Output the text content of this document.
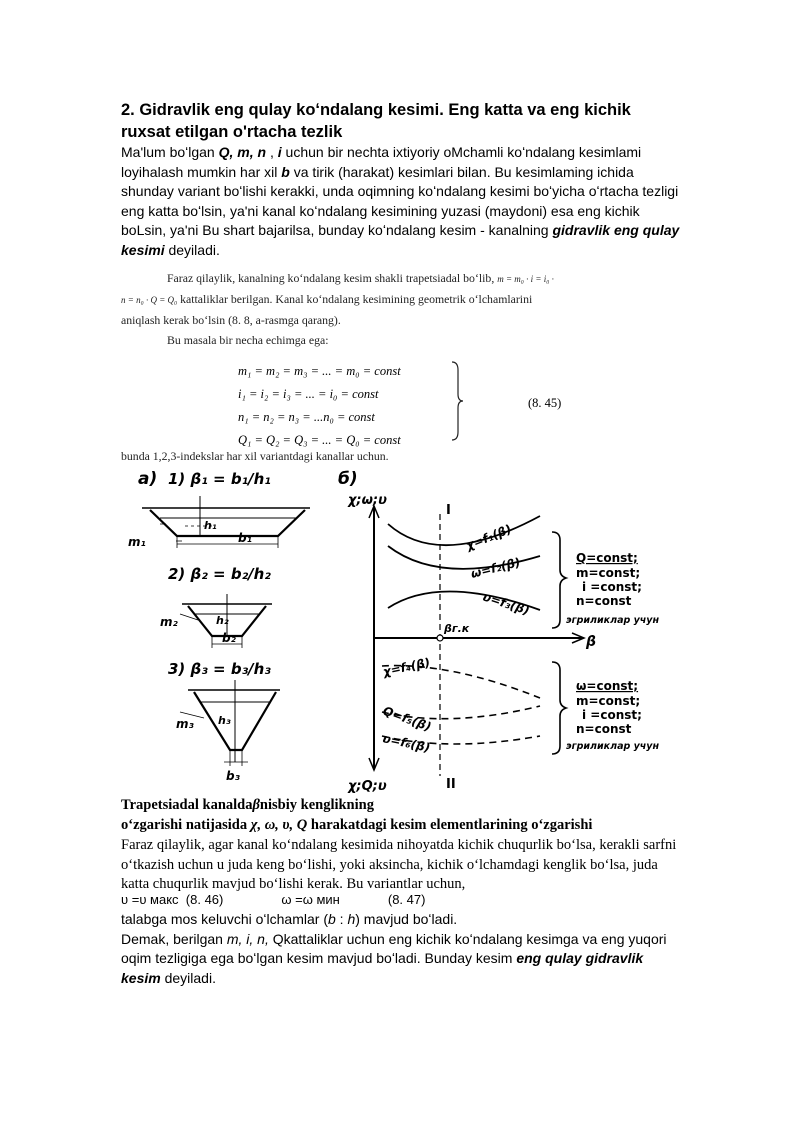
2. Gidravlik eng qulay koʻndalang kesimi. Eng katta va eng kichik ruxsat etilgan o'rtacha tezlik
Ma'lum boʻlgan Q, m, n , i uchun bir nechta ixtiyoriy oMchamli koʻndalang kesimlami loyihalash mumkin har xil b va tirik (harakat) kesimlari bilan. Bu kesimlaming ichida shunday variant boʻlishi kerakki, unda oqimning koʻndalang kesimi boʻyicha oʻrtacha tezligi eng katta boʻlsin, ya'ni kanal koʻndalang kesimining yuzasi (maydoni) esa eng kichik boLsin, ya'ni Bu shart bajarilsa, bunday koʻndalang kesim - kanalning gidravlik eng qulay kesimi deyiladi.
Faraz qilaylik, kanalning koʻndalang kesim shakli trapetsiadal boʻlib, m = m₀ · i = i₀ ·
n = n₀ · Q = Q₀ kattaliklar berilgan. Kanal koʻndalang kesimining geometrik oʻlchamlarini
aniqlash kerak boʻlsin (8. 8, a-rasmga qarang).
Bu masala bir necha echimga ega:
m₁ = m₂ = m₃ = ... = m₀ = const
i₁ = i₂ = i₃ = ... = i₀ = const
n₁ = n₂ = n₃ = ...n₀ = const
Q₁ = Q₂ = Q₃ = ... = Q₀ = const
(8. 45)
bunda 1,2,3-indekslar har xil variantdagi kanallar uchun.
a) 1) β₁ = b₁/h₁
h₁
b₁
m₁
2) β₂ = b₂/h₂
h₂
b₂
m₂
3) β₃ = b₃/h₃
h₃
b₃
m₃
б)
χ;ω;υ
χ;Q;υ
β
I
II
βг.к
χ=f₁(β)
ω=f₂(β)
υ=f₃(β)
χ=f₄(β)
Q=f₅(β)
υ=f₆(β)
Q=const;
m=const;
i =const;
n=const
эгриликлар учун
ω=const;
m=const;
i =const;
n=const
эгриликлар учун
Trapetsiadal kanaldaβnisbiy kenglikning
oʻzgarishi natijasida χ, ω, υ, Q harakatdagi kesim elementlarining oʻzgarishi
Faraz qilaylik, agar kanal koʻndalang kesimida nihoyatda kichik chuqurlik boʻlsa, kerakli sarfni oʻtkazish uchun u juda keng boʻlishi, yoki aksincha, kichik oʻlchamdagi kenglik boʻlsa, juda katta chuqurlik mavjud boʻlishi kerak. Bu variantlar uchun,
υ =υ макс (8. 46)	ω =ω мин	(8. 47)
talabga mos keluvchi oʻlchamlar (b : h) mavjud boʻladi.
Demak, berilgan m, i, n, Qkattaliklar uchun eng kichik koʻndalang kesimga va eng yuqori oqim tezligiga ega boʻlgan kesim mavjud boʻladi. Bunday kesim eng qulay gidravlik kesim deyiladi.
